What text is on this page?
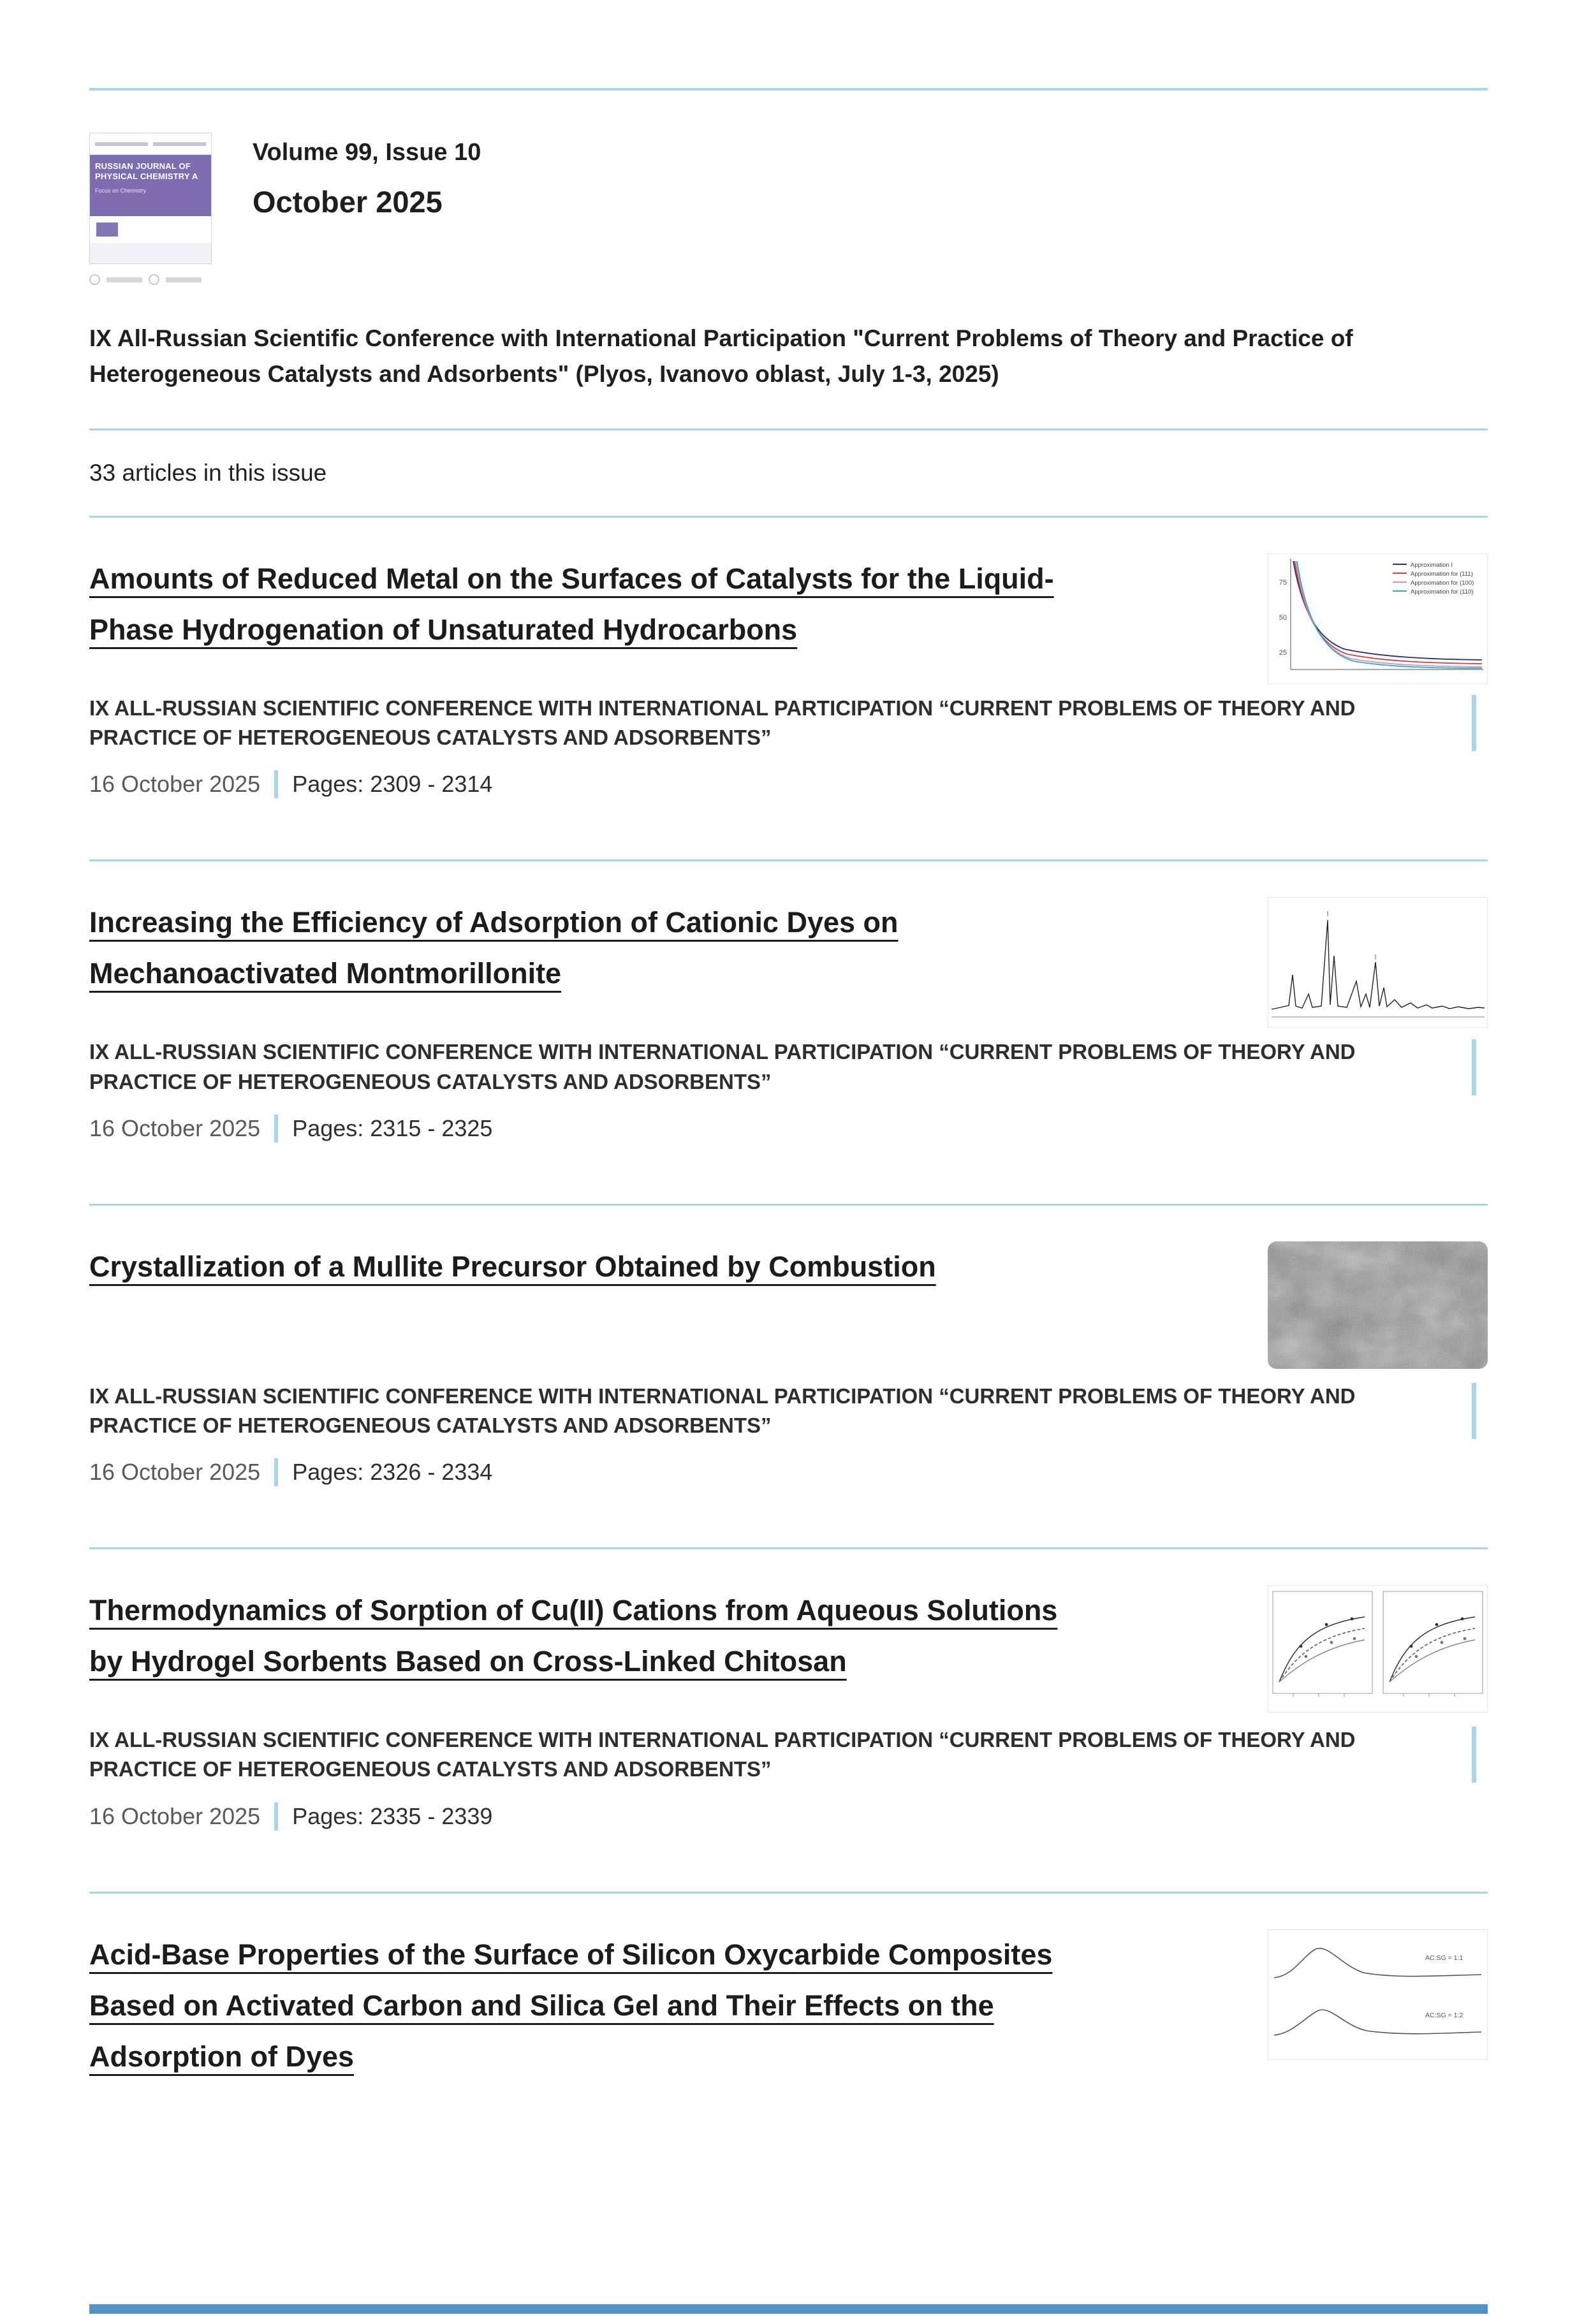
RUSSIAN JOURNAL OF PHYSICAL CHEMISTRY A
Focus on Chemistry
Volume 99, Issue 10
October 2025

IX All-Russian Scientific Conference with International Participation "Current Problems of Theory and Practice of Heterogeneous Catalysts and Adsorbents" (Plyos, Ivanovo oblast, July 1-3, 2025)

33 articles in this issue

Amounts of Reduced Metal on the Surfaces of Catalysts for the Liquid-
Phase Hydrogenation of Unsaturated Hydrocarbons
75
50
25
Approximation I
Approximation for (111)
Approximation for (100)
Approximation for (110)

IX ALL-RUSSIAN SCIENTIFIC CONFERENCE WITH INTERNATIONAL PARTICIPATION “CURRENT PROBLEMS OF THEORY AND PRACTICE OF HETEROGENEOUS CATALYSTS AND ADSORBENTS”

16 October 2025 Pages: 2309 - 2314
Increasing the Efficiency of Adsorption of Cationic Dyes on
Mechanoactivated Montmorillonite

IX ALL-RUSSIAN SCIENTIFIC CONFERENCE WITH INTERNATIONAL PARTICIPATION “CURRENT PROBLEMS OF THEORY AND PRACTICE OF HETEROGENEOUS CATALYSTS AND ADSORBENTS”

16 October 2025 Pages: 2315 - 2325
Crystallization of a Mullite Precursor Obtained by Combustion

IX ALL-RUSSIAN SCIENTIFIC CONFERENCE WITH INTERNATIONAL PARTICIPATION “CURRENT PROBLEMS OF THEORY AND PRACTICE OF HETEROGENEOUS CATALYSTS AND ADSORBENTS”

16 October 2025 Pages: 2326 - 2334
Thermodynamics of Sorption of Cu(II) Cations from Aqueous Solutions
by Hydrogel Sorbents Based on Cross-Linked Chitosan

IX ALL-RUSSIAN SCIENTIFIC CONFERENCE WITH INTERNATIONAL PARTICIPATION “CURRENT PROBLEMS OF THEORY AND PRACTICE OF HETEROGENEOUS CATALYSTS AND ADSORBENTS”

16 October 2025 Pages: 2335 - 2339
Acid-Base Properties of the Surface of Silicon Oxycarbide Composites
Based on Activated Carbon and Silica Gel and Their Effects on the
Adsorption of Dyes
AC:SG = 1:1
AC:SG = 1:2
